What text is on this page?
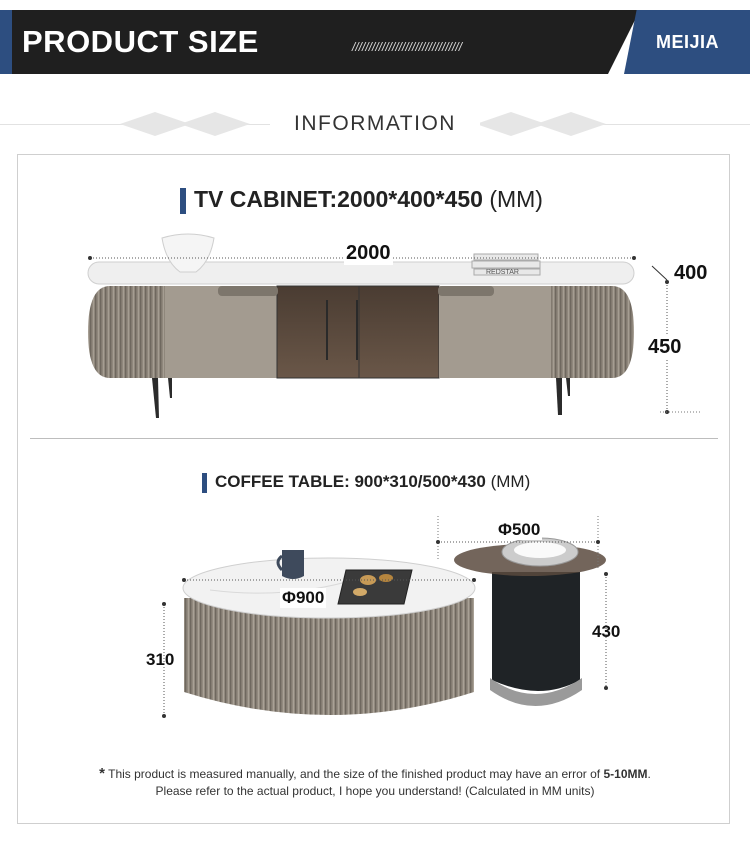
PRODUCT SIZE	/////////////////////////////////	MEIJIA
INFORMATION
TV CABINET:2000*400*450 (MM)
REDSTAR
2000
400
450
COFFEE TABLE: 900*310/500*430 (MM)
Φ900
310
Φ500
430
* This product is measured manually, and the size of the finished product may have an error of 5-10MM.
Please refer to the actual product, I hope you understand! (Calculated in MM units)
